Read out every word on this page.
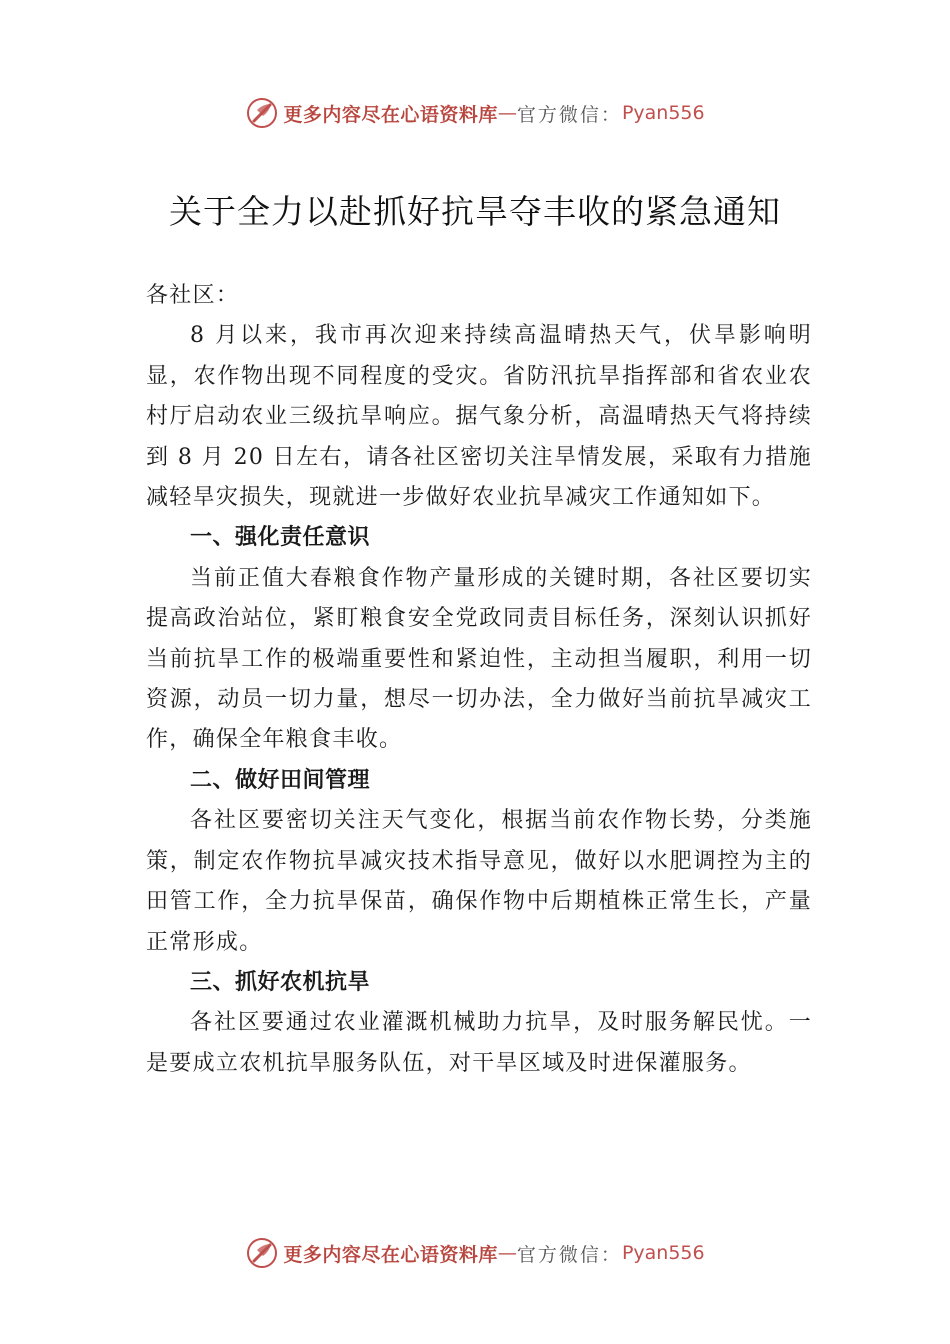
更多内容尽在心语资料库 — 官方微信： Pyan556
关于全力以赴抓好抗旱夺丰收的紧急通知

各社区：

8 月以来，我市再次迎来持续高温晴热天气，伏旱影响明显，农作物出现不同程度的受灾。省防汛抗旱指挥部和省农业农村厅启动农业三级抗旱响应。据气象分析，高温晴热天气将持续到 8 月 20 日左右，请各社区密切关注旱情发展，采取有力措施减轻旱灾损失，现就进一步做好农业抗旱减灾工作通知如下。

一、强化责任意识

当前正值大春粮食作物产量形成的关键时期，各社区要切实提高政治站位，紧盯粮食安全党政同责目标任务，深刻认识抓好当前抗旱工作的极端重要性和紧迫性，主动担当履职，利用一切资源，动员一切力量，想尽一切办法，全力做好当前抗旱减灾工作，确保全年粮食丰收。

二、做好田间管理

各社区要密切关注天气变化，根据当前农作物长势，分类施策，制定农作物抗旱减灾技术指导意见，做好以水肥调控为主的田管工作，全力抗旱保苗，确保作物中后期植株正常生长，产量正常形成。

三、抓好农机抗旱

各社区要通过农业灌溉机械助力抗旱，及时服务解民忧。一是要成立农机抗旱服务队伍，对干旱区域及时进保灌服务。

更多内容尽在心语资料库 — 官方微信： Pyan556
